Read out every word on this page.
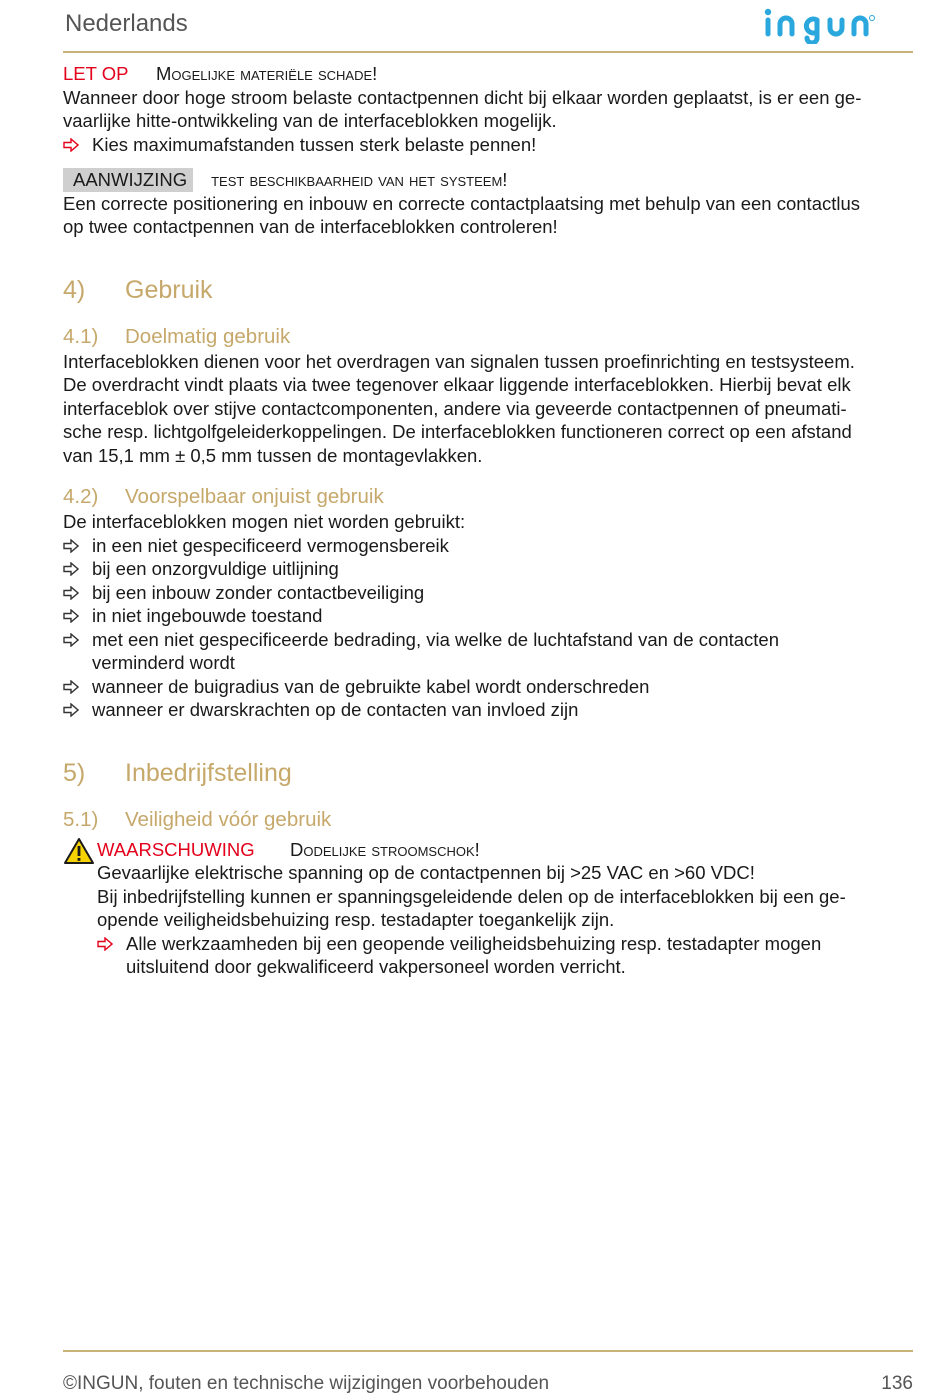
Nederlands
LET OP	Mogelijke materiële schade!

Wanneer door hoge stroom belaste contactpennen dicht bij elkaar worden geplaatst, is er een ge-

vaarlijke hitte-ontwikkeling van de interfaceblokken mogelijk.

Kies maximumafstanden tussen sterk belaste pennen!
AANWIJZING	test beschikbaarheid van het systeem!

Een correcte positionering en inbouw en correcte contactplaatsing met behulp van een contactlus

op twee contactpennen van de interfaceblokken controleren!

4)	Gebruik
4.1)	Doelmatig gebruik

Interfaceblokken dienen voor het overdragen van signalen tussen proefinrichting en testsysteem.

De overdracht vindt plaats via twee tegenover elkaar liggende interfaceblokken. Hierbij bevat elk

interfaceblok over stijve contactcomponenten, andere via geveerde contactpennen of pneumati-

sche resp. lichtgolfgeleiderkoppelingen. De interfaceblokken functioneren correct op een afstand

van 15,1 mm ± 0,5 mm tussen de montagevlakken.

4.2)	Voorspelbaar onjuist gebruik

De interfaceblokken mogen niet worden gebruikt:

in een niet gespecificeerd vermogensbereik
bij een onzorgvuldige uitlijning
bij een inbouw zonder contactbeveiliging
in niet ingebouwde toestand
met een niet gespecificeerde bedrading, via welke de luchtafstand van de contacten
verminderd wordt
wanneer de buigradius van de gebruikte kabel wordt onderschreden
wanneer er dwarskrachten op de contacten van invloed zijn
5)	Inbedrijfstelling
5.1)	Veiligheid vóór gebruik
WAARSCHUWING	Dodelijke stroomschok!

Gevaarlijke elektrische spanning op de contactpennen bij >25 VAC en >60 VDC!

Bij inbedrijfstelling kunnen er spanningsgeleidende delen op de interfaceblokken bij een ge-

opende veiligheidsbehuizing resp. testadapter toegankelijk zijn.

Alle werkzaamheden bij een geopende veiligheidsbehuizing resp. testadapter mogen
uitsluitend door gekwalificeerd vakpersoneel worden verricht.
©INGUN, fouten en technische wijzigingen voorbehouden	136
